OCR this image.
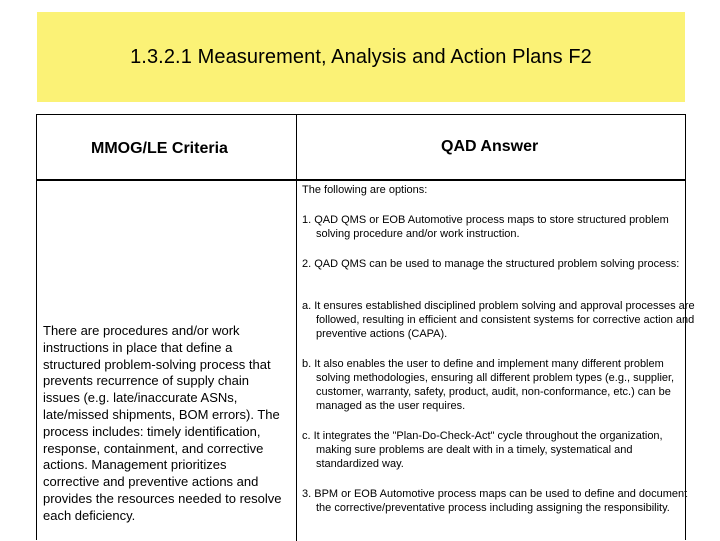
1.3.2.1 Measurement, Analysis and Action Plans F2
MMOG/LE Criteria	QAD Answer

There are procedures and/or work instructions in place that define a structured problem-solving process that prevents recurrence of supply chain issues (e.g. late/inaccurate ASNs, late/missed shipments, BOM errors). The process includes: timely identification, response, containment, and corrective actions. Management prioritizes corrective and preventive actions and provides the resources needed to resolve each deficiency.

The following are options:

1. QAD QMS or EOB Automotive process maps to store structured problem solving procedure and/or work instruction.

2. QAD QMS can be used to manage the structured problem solving process:

a. It ensures established disciplined problem solving and approval processes are followed, resulting in efficient and consistent systems for corrective action and preventive actions (CAPA).

b. It also enables the user to define and implement many different problem solving methodologies, ensuring all different problem types (e.g., supplier, customer, warranty, safety, product, audit, non-conformance, etc.) can be managed as the user requires.

c. It integrates the "Plan-Do-Check-Act" cycle throughout the organization, making sure problems are dealt with in a timely, systematical and standardized way.

3. BPM or EOB Automotive process maps can be used to define and document the corrective/preventative process including assigning the responsibility.
